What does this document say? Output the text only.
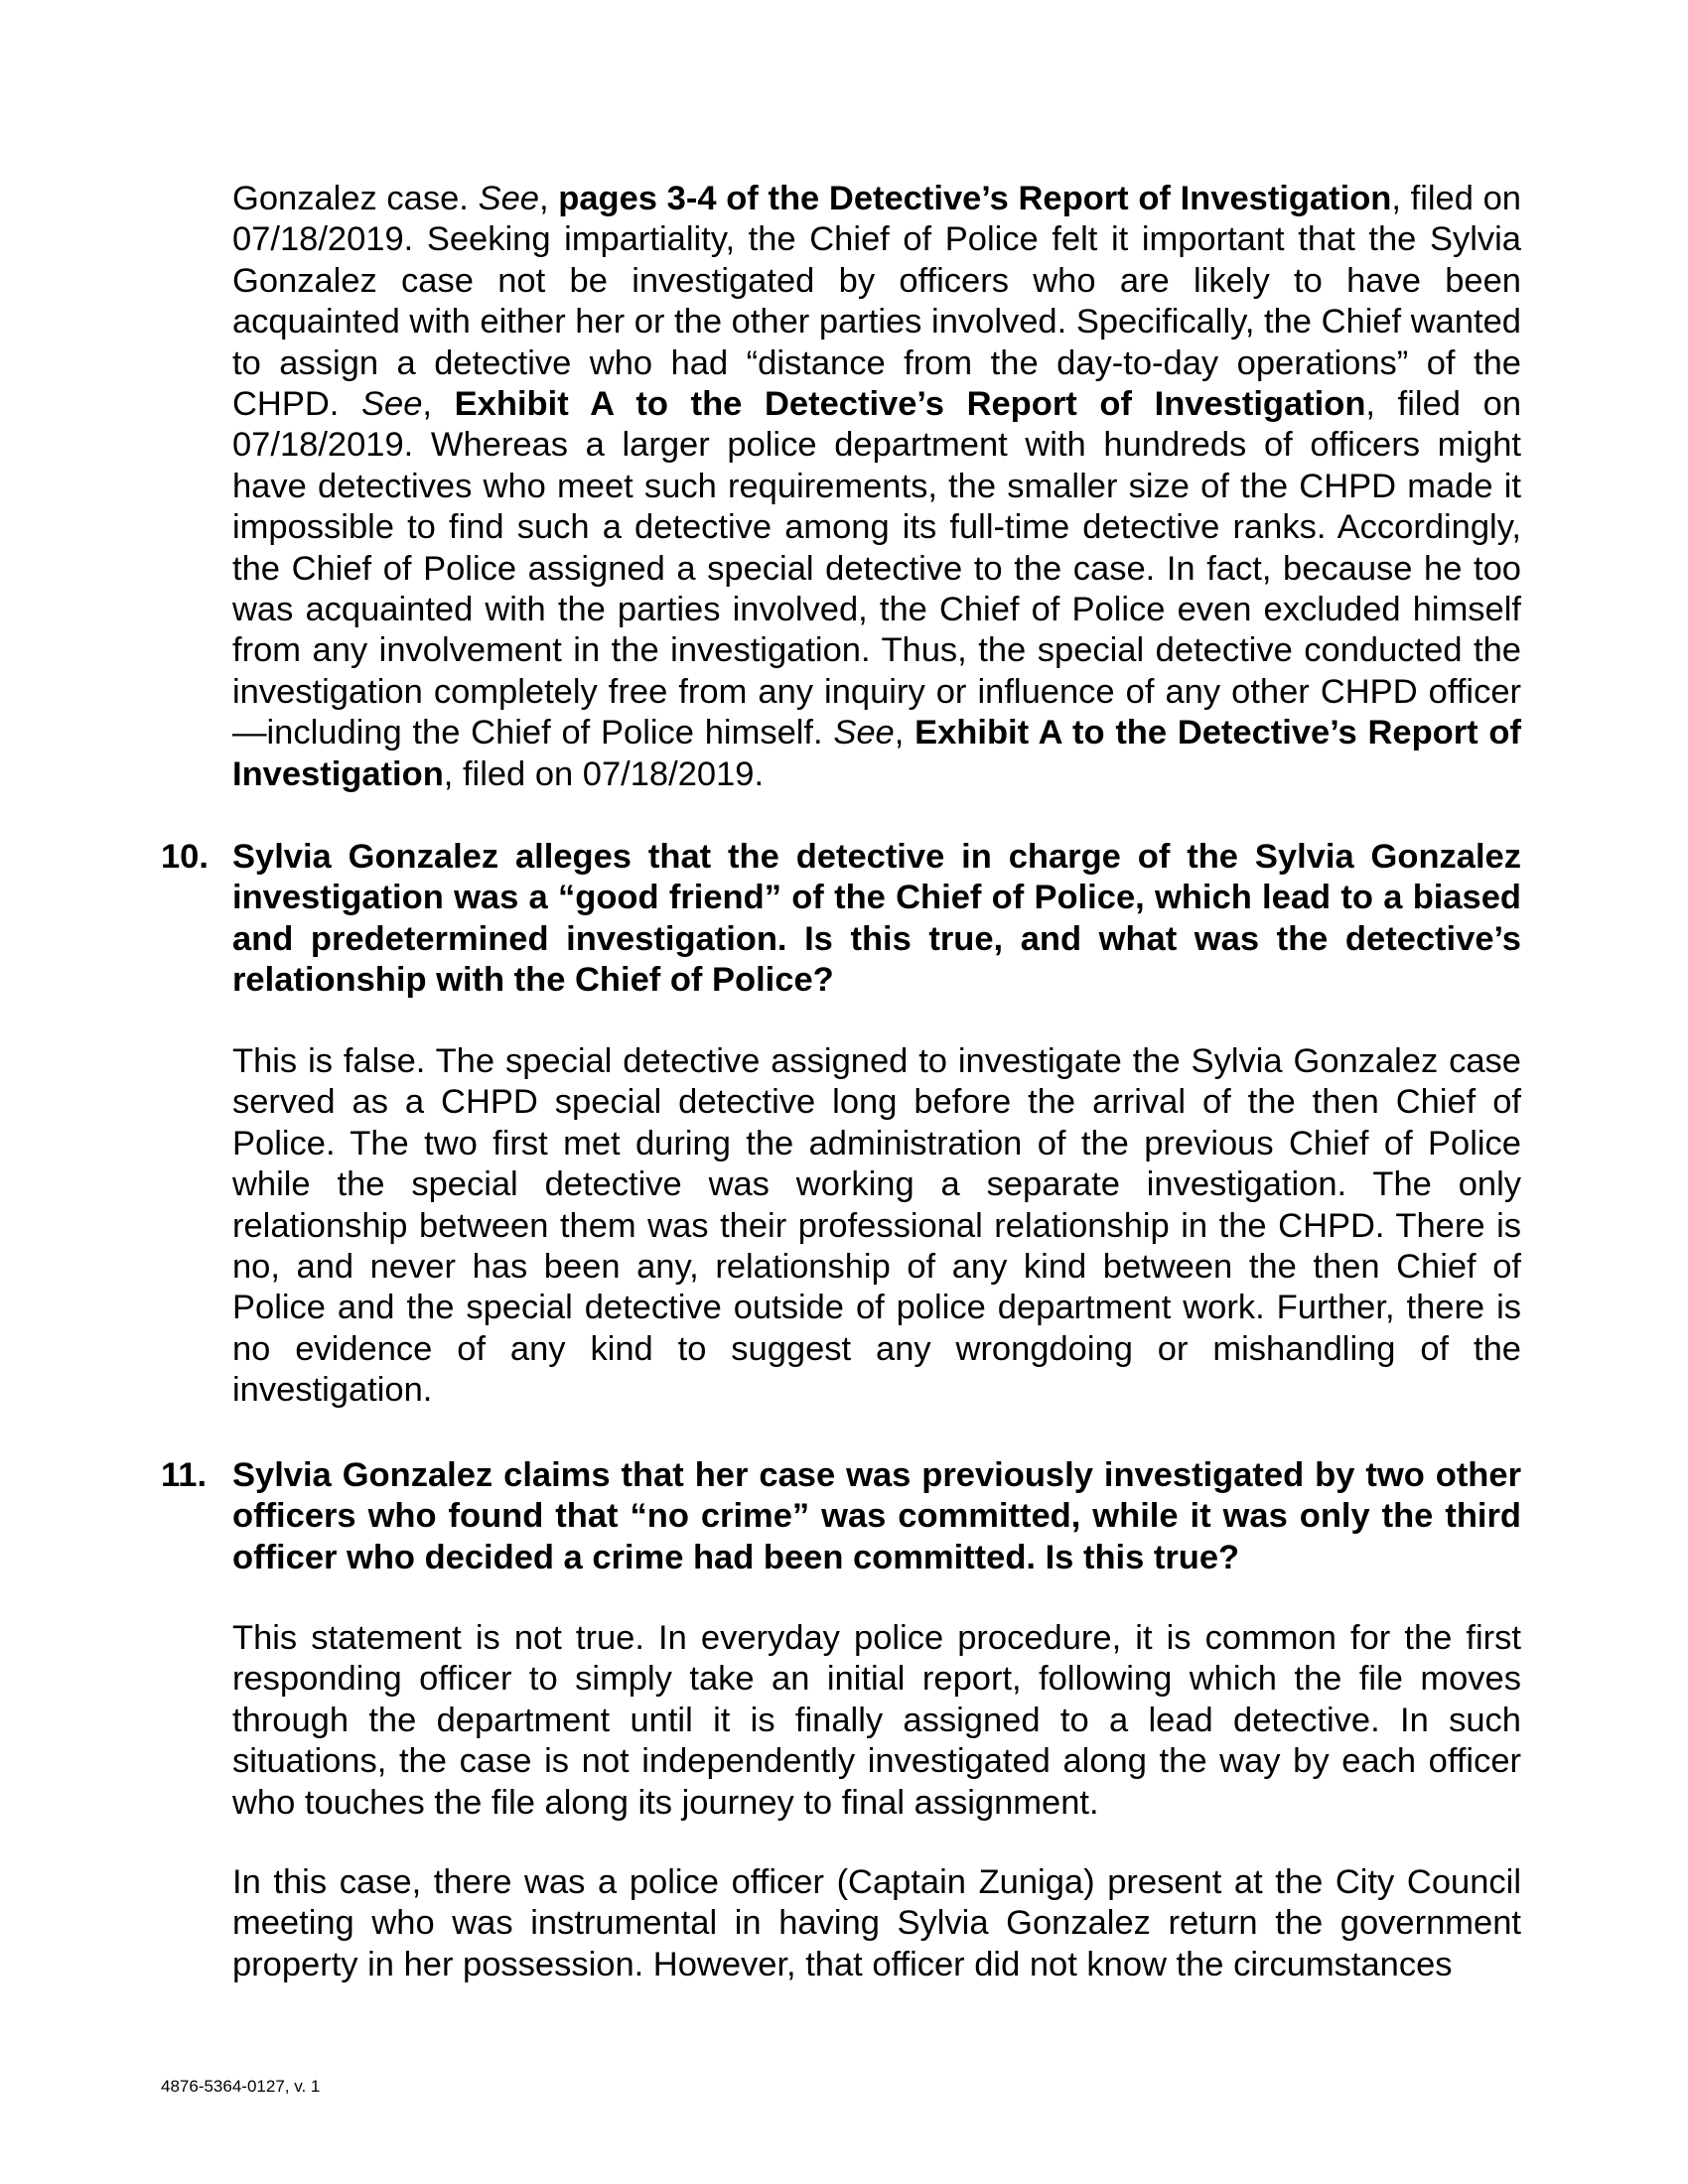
Gonzalez case. See, pages 3-4 of the Detective’s Report of Investigation, filed on 07/18/2019. Seeking impartiality, the Chief of Police felt it important that the Sylvia Gonzalez case not be investigated by officers who are likely to have been acquainted with either her or the other parties involved. Specifically, the Chief wanted to assign a detective who had “distance from the day-to-day operations” of the CHPD. See, Exhibit A to the Detective’s Report of Investigation, filed on 07/18/2019. Whereas a larger police department with hundreds of officers might have detectives who meet such requirements, the smaller size of the CHPD made it impossible to find such a detective among its full-time detective ranks. Accordingly, the Chief of Police assigned a special detective to the case. In fact, because he too was acquainted with the parties involved, the Chief of Police even excluded himself from any involvement in the investigation. Thus, the special detective conducted the investigation completely free from any inquiry or influence of any other CHPD officer—including the Chief of Police himself. See, Exhibit A to the Detective’s Report of Investigation, filed on 07/18/2019.

10. Sylvia Gonzalez alleges that the detective in charge of the Sylvia Gonzalez investigation was a “good friend” of the Chief of Police, which lead to a biased and predetermined investigation. Is this true, and what was the detective’s relationship with the Chief of Police?

This is false. The special detective assigned to investigate the Sylvia Gonzalez case served as a CHPD special detective long before the arrival of the then Chief of Police. The two first met during the administration of the previous Chief of Police while the special detective was working a separate investigation. The only relationship between them was their professional relationship in the CHPD. There is no, and never has been any, relationship of any kind between the then Chief of Police and the special detective outside of police department work. Further, there is no evidence of any kind to suggest any wrongdoing or mishandling of the investigation.

11. Sylvia Gonzalez claims that her case was previously investigated by two other officers who found that “no crime” was committed, while it was only the third officer who decided a crime had been committed. Is this true?

This statement is not true. In everyday police procedure, it is common for the first responding officer to simply take an initial report, following which the file moves through the department until it is finally assigned to a lead detective. In such situations, the case is not independently investigated along the way by each officer who touches the file along its journey to final assignment.

In this case, there was a police officer (Captain Zuniga) present at the City Council meeting who was instrumental in having Sylvia Gonzalez return the government property in her possession. However, that officer did not know the circumstances

4876-5364-0127, v. 1
